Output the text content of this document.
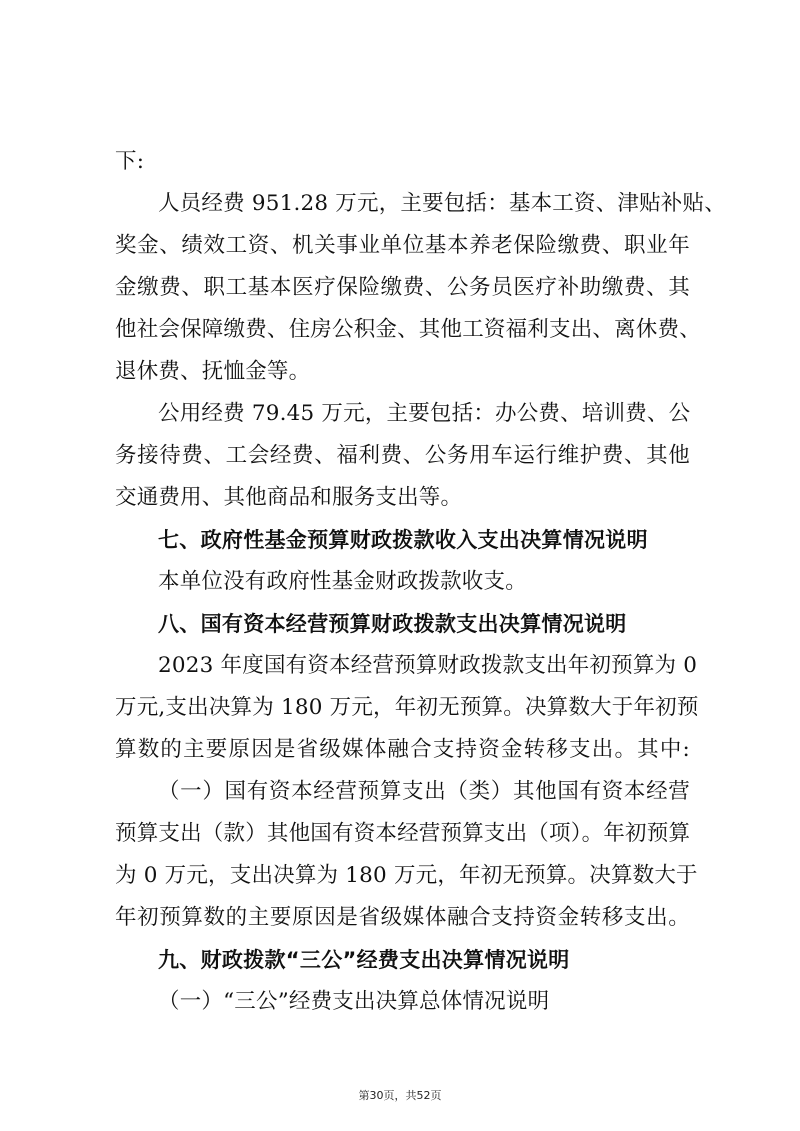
下:
人员经费 951.28 万元，主要包括：基本工资、津贴补贴、
奖金、绩效工资、机关事业单位基本养老保险缴费、职业年
金缴费、职工基本医疗保险缴费、公务员医疗补助缴费、其
他社会保障缴费、住房公积金、其他工资福利支出、离休费、
退休费、抚恤金等。
公用经费 79.45 万元，主要包括：办公费、培训费、公
务接待费、工会经费、福利费、公务用车运行维护费、其他
交通费用、其他商品和服务支出等。
七、政府性基金预算财政拨款收入支出决算情况说明
本单位没有政府性基金财政拨款收支。
八、国有资本经营预算财政拨款支出决算情况说明
2023 年度国有资本经营预算财政拨款支出年初预算为 0
万元,支出决算为 180 万元，年初无预算。决算数大于年初预
算数的主要原因是省级媒体融合支持资金转移支出。其中:
（一）国有资本经营预算支出（类）其他国有资本经营
预算支出（款）其他国有资本经营预算支出（项）。年初预算
为 0 万元，支出决算为 180 万元，年初无预算。决算数大于
年初预算数的主要原因是省级媒体融合支持资金转移支出。
九、财政拨款“三公”经费支出决算情况说明
（一）“三公”经费支出决算总体情况说明
第30页，共52页
